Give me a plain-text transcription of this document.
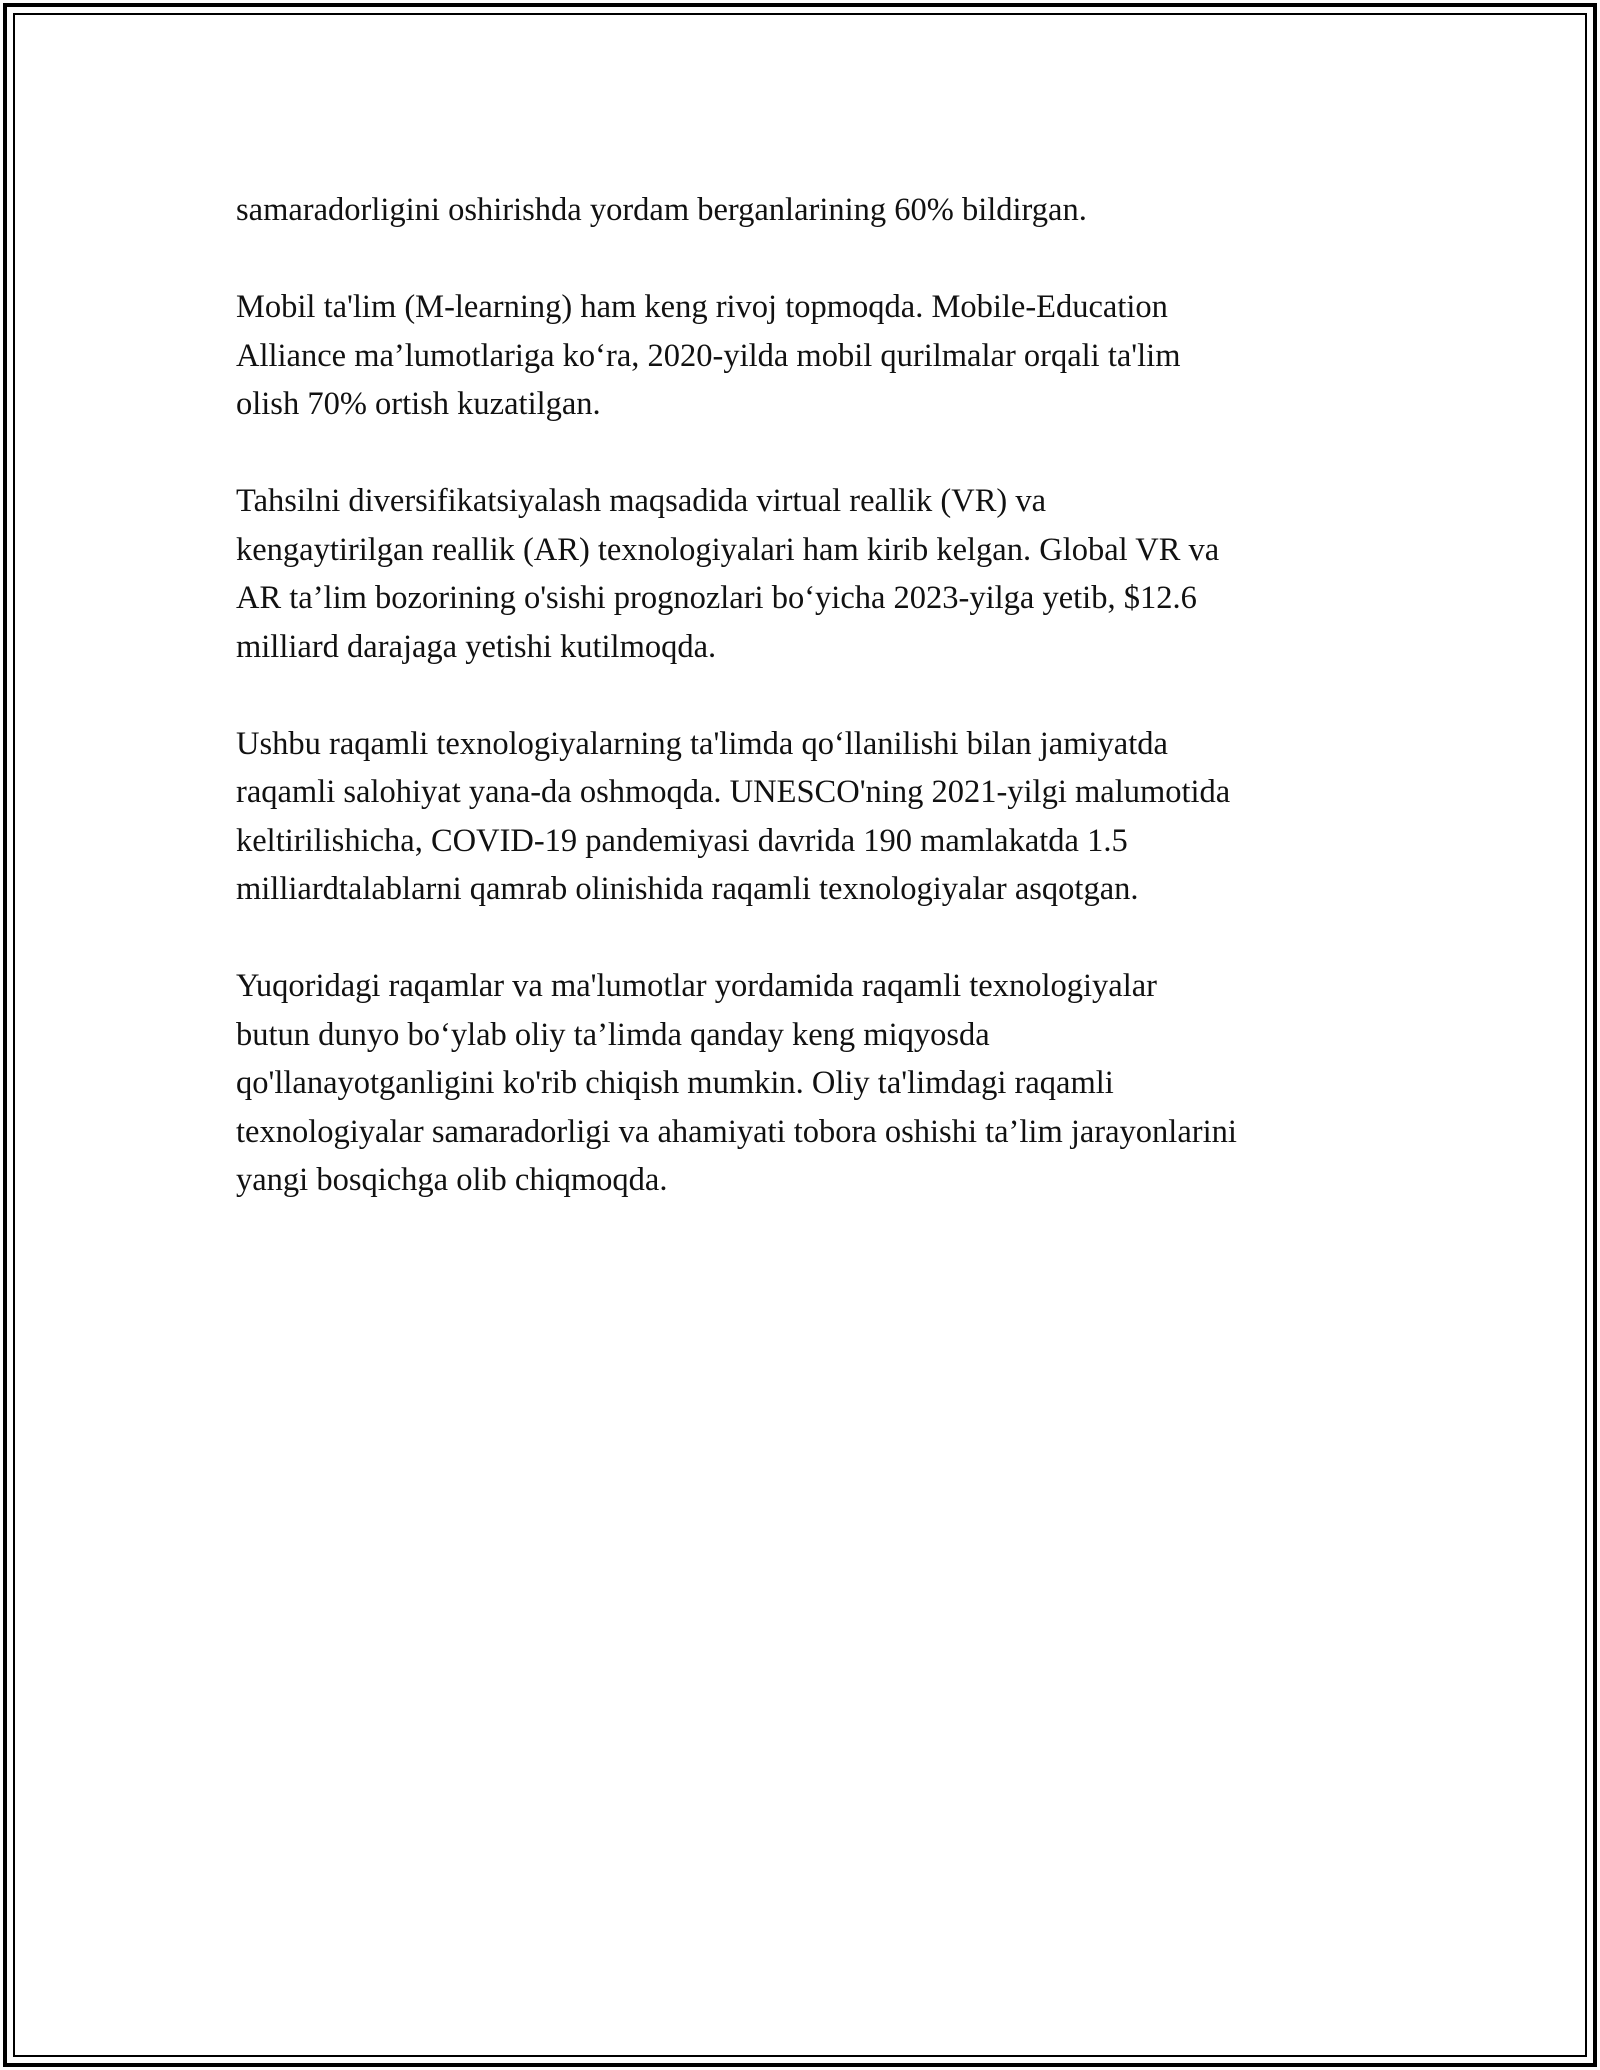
samaradorligini oshirishda yordam berganlarining 60% bildirgan.

Mobil ta'lim (M-learning) ham keng rivoj topmoqda. Mobile-Education
Alliance ma’lumotlariga ko‘ra, 2020-yilda mobil qurilmalar orqali ta'lim
olish 70% ortish kuzatilgan.

Tahsilni diversifikatsiyalash maqsadida virtual reallik (VR) va
kengaytirilgan reallik (AR) texnologiyalari ham kirib kelgan. Global VR va
AR ta’lim bozorining o'sishi prognozlari bo‘yicha 2023-yilga yetib, $12.6
milliard darajaga yetishi kutilmoqda.

Ushbu raqamli texnologiyalarning ta'limda qo‘llanilishi bilan jamiyatda
raqamli salohiyat yana-da oshmoqda. UNESCO'ning 2021-yilgi malumotida
keltirilishicha, COVID-19 pandemiyasi davrida 190 mamlakatda 1.5
milliardtalablarni qamrab olinishida raqamli texnologiyalar asqotgan.

Yuqoridagi raqamlar va ma'lumotlar yordamida raqamli texnologiyalar
butun dunyo bo‘ylab oliy ta’limda qanday keng miqyosda
qo'llanayotganligini ko'rib chiqish mumkin. Oliy ta'limdagi raqamli
texnologiyalar samaradorligi va ahamiyati tobora oshishi ta’lim jarayonlarini
yangi bosqichga olib chiqmoqda.
